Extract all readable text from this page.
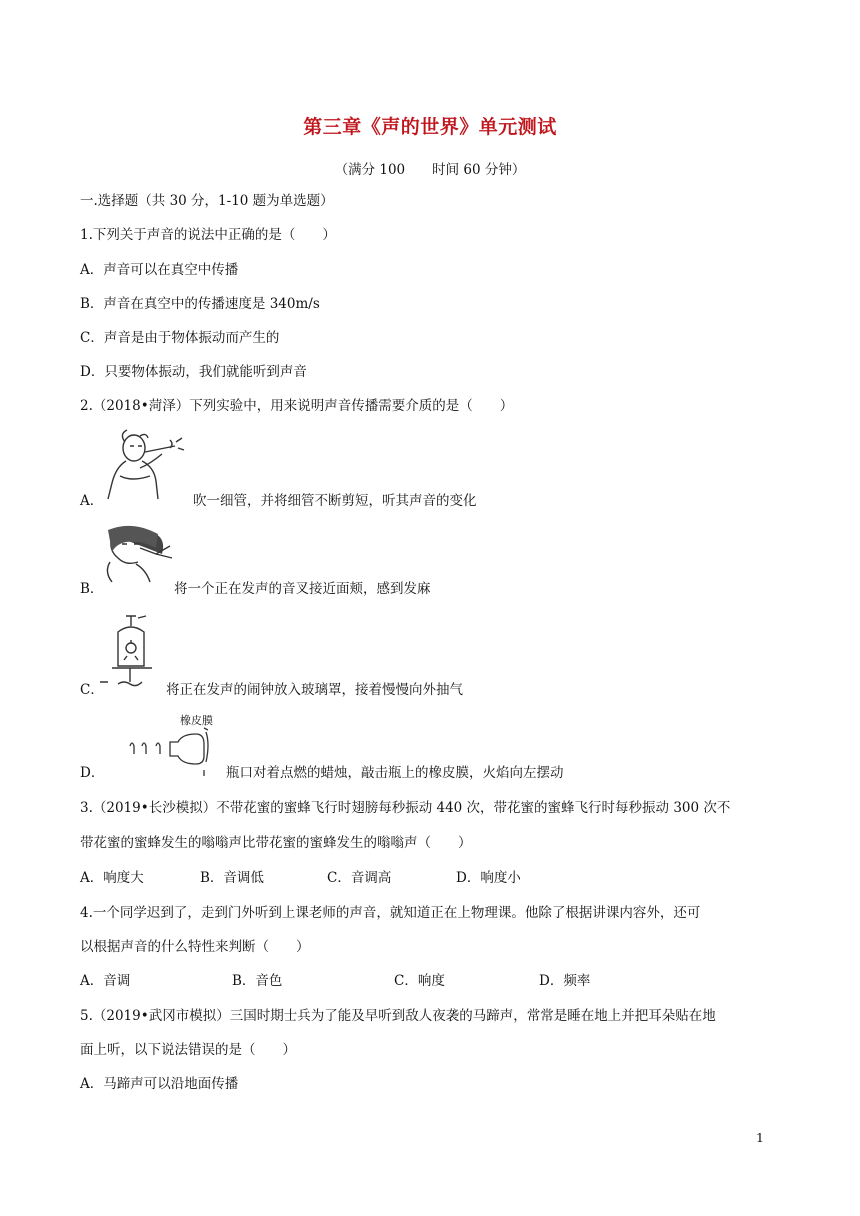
第三章《声的世界》单元测试
（满分 100　　时间 60 分钟）
一.选择题（共 30 分，1-10 题为单选题）
1.下列关于声音的说法中正确的是（　　）
A．声音可以在真空中传播
B．声音在真空中的传播速度是 340m/s
C．声音是由于物体振动而产生的
D．只要物体振动，我们就能听到声音
2.（2018•菏泽）下列实验中，用来说明声音传播需要介质的是（　　）
A．	吹一细管，并将细管不断剪短，听其声音的变化
B．	将一个正在发声的音叉接近面颊，感到发麻
C．	将正在发声的闹钟放入玻璃罩，接着慢慢向外抽气
橡皮膜
D．	瓶口对着点燃的蜡烛，敲击瓶上的橡皮膜，火焰向左摆动
3.（2019•长沙模拟）不带花蜜的蜜蜂飞行时翅膀每秒振动 440 次，带花蜜的蜜蜂飞行时每秒振动 300 次不
带花蜜的蜜蜂发生的嗡嗡声比带花蜜的蜜蜂发生的嗡嗡声（　　）
A．响度大	B．音调低	C．音调高	D．响度小
4.一个同学迟到了，走到门外听到上课老师的声音，就知道正在上物理课。他除了根据讲课内容外，还可
以根据声音的什么特性来判断（　　）
A．音调	B．音色	C．响度	D．频率
5.（2019•武冈市模拟）三国时期士兵为了能及早听到敌人夜袭的马蹄声，常常是睡在地上并把耳朵贴在地
面上听，以下说法错误的是（　　）
A．马蹄声可以沿地面传播
1
